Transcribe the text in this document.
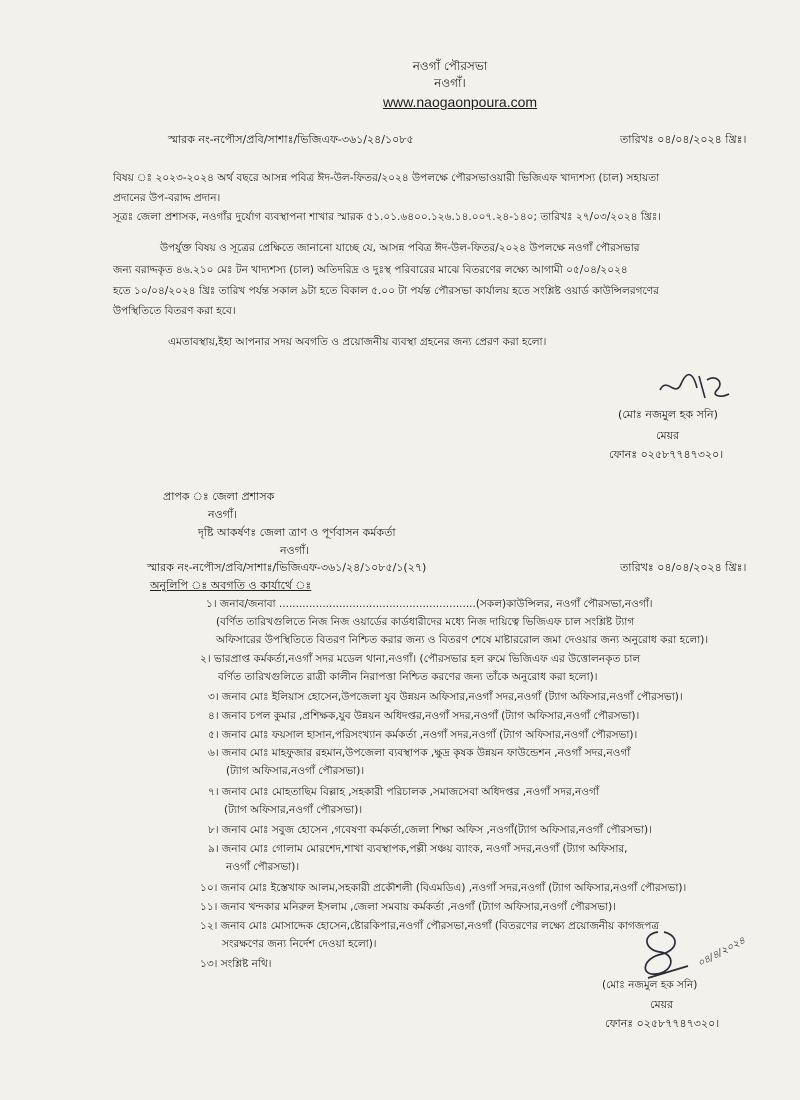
নওগাঁ পৌরসভা
নওগাঁ।
www.naogaonpoura.com
স্মারক নং-নপৌস/প্রবি/সাশাঃ/ভিজিএফ-৩৬১/২৪/১০৮৫	তারিখঃ ০৪/০৪/২০২৪ খ্রিঃ।
বিষয় ঃ ২০২৩-২০২৪ অর্থ বছরে আসন্ন পবিত্র ঈদ-উল-ফিতর/২০২৪ উপলক্ষে পৌরসভাওয়ারী ভিজিএফ খাদ্যশস্য (চাল) সহায়তা
প্রদানের উপ-বরাদ্দ প্রদান।
সূত্রঃ জেলা প্রশাসক, নওগাঁর দুর্যোগ ব্যবস্থাপনা শাখার স্মারক ৫১.০১.৬৪০০.১২৬.১৪.০০৭.২৪-১৪০; তারিখঃ ২৭/০৩/২০২৪ খ্রিঃ।
উপর্যুক্ত বিষয় ও সূত্রের প্রেক্ষিতে জানানো যাচ্ছে যে, আসন্ন পবিত্র ঈদ-উল-ফিতর/২০২৪ উপলক্ষে নওগাঁ পৌরসভার
জন্য বরাদ্দকৃত ৪৬.২১০ মেঃ টন খাদ্যশস্য (চাল) অতিদরিদ্র ও দুঃস্থ পরিবারের মাঝে বিতরণের লক্ষ্যে আগামী ০৫/০৪/২০২৪
হতে ১০/০৪/২০২৪ খ্রিঃ তারিখ পর্যন্ত সকাল ৯টা হতে বিকাল ৫.০০ টা পর্যন্ত পৌরসভা কার্যালয় হতে সংশ্লিষ্ট ওয়ার্ড কাউন্সিলরগণের
উপস্থিতিতে বিতরণ করা হবে।
এমতাবস্থায়,ইহা আপনার সদয় অবগতি ও প্রয়োজনীয় ব্যবস্থা গ্রহনের জন্য প্রেরণ করা হলো।
(মোঃ নজমুল হক সনি)
মেয়র
ফোনঃ ০২৫৮৭৭৪৭৩২০।
প্রাপক ঃ জেলা প্রশাসক
নওগাঁ।
দৃষ্টি আকর্ষণঃ জেলা ত্রাণ ও পূর্ণবাসন কর্মকর্তা
নওগাঁ।
স্মারক নং-নপৌস/প্রবি/সাশাঃ/ভিজিএফ-৩৬১/২৪/১০৮৫/১(২৭)	তারিখঃ ০৪/০৪/২০২৪ খ্রিঃ।
অনুলিপি ঃ অবগতি ও কার্যার্থে ঃ
১। জনাব/জনাবা ...........................................................(সকল)কাউন্সিলর, নওগাঁ পৌরসভা,নওগাঁ।
(বর্ণিত তারিখগুলিতে নিজ নিজ ওয়ার্ডের কার্ডধারীদের মধ্যে নিজ দায়িত্বে ভিজিএফ চাল সংশ্লিষ্ট ট্যাগ
অফিসারের উপস্থিতিতে বিতরণ নিশ্চিত করার জন্য ও বিতরণ শেষে মাষ্টাররোল জমা দেওয়ার জন্য অনুরোধ করা হলো)।
২। ভারপ্রাপ্ত কর্মকর্তা,নওগাঁ সদর মডেল থানা,নওগাঁ। (পৌরসভার হল রুমে ভিজিএফ এর উত্তোলনকৃত চাল
বর্ণিত তারিখগুলিতে রাত্রী কালীন নিরাপত্তা নিশ্চিত করণের জন্য তাঁকে অনুরোধ করা হলো)।
৩। জনাব মোঃ ইলিয়াস হোসেন,উপজেলা যুব উন্নয়ন অফিসার,নওগাঁ সদর,নওগাঁ (ট্যাগ অফিসার,নওগাঁ পৌরসভা)।
৪। জনাব চপল কুমার ,প্রশিক্ষক,যুব উন্নয়ন অধিদপ্তর,নওগাঁ সদর,নওগাঁ (ট্যাগ অফিসার,নওগাঁ পৌরসভা)।
৫। জনাব মোঃ ফয়সাল হাসান,পরিসংখ্যান কর্মকর্তা ,নওগাঁ সদর,নওগাঁ (ট্যাগ অফিসার,নওগাঁ পৌরসভা)।
৬। জনাব মোঃ মাহফুজার রহমান,উপজেলা ব্যবস্থাপক ,ক্ষুদ্র কৃষক উন্নয়ন ফাউন্ডেশন ,নওগাঁ সদর,নওগাঁ
(ট্যাগ অফিসার,নওগাঁ পৌরসভা)।
৭। জনাব মোঃ মোহতাছিম বিল্লাহ ,সহকারী পরিচালক ,সমাজসেবা অধিদপ্তর ,নওগাঁ সদর,নওগাঁ
(ট্যাগ অফিসার,নওগাঁ পৌরসভা)।
৮। জনাব মোঃ সবুজ হোসেন ,গবেষণা কর্মকর্তা,জেলা শিক্ষা অফিস ,নওগাঁ(ট্যাগ অফিসার,নওগাঁ পৌরসভা)।
৯। জনাব মোঃ গোলাম মোরশেদ,শাখা ব্যবস্থাপক,পল্লী সঞ্চয় ব্যাংক, নওগাঁ সদর,নওগাঁ (ট্যাগ অফিসার,
নওগাঁ পৌরসভা)।
১০। জনাব মোঃ ইস্তেখাফ আলম,সহকারী প্রকৌশলী (বিএমডিএ) ,নওগাঁ সদর,নওগাঁ (ট্যাগ অফিসার,নওগাঁ পৌরসভা)।
১১। জনাব খন্দকার মনিরুল ইসলাম ,জেলা সমবায় কর্মকর্তা ,নওগাঁ (ট্যাগ অফিসার,নওগাঁ পৌরসভা)।
১২। জনাব মোঃ মোসাদ্দেক হোসেন,ষ্টোরকিপার,নওগাঁ পৌরসভা,নওগাঁ (বিতরণের লক্ষ্যে প্রয়োজনীয় কাগজপত্র
সংরক্ষণের জন্য নির্দেশ দেওয়া হলো)।
১৩। সংশ্লিষ্ট নথি।	০৪/৪/২০২৪
(মোঃ নজমুল হক সনি)
মেয়র
ফোনঃ ০২৫৮৭৭৪৭৩২০।
